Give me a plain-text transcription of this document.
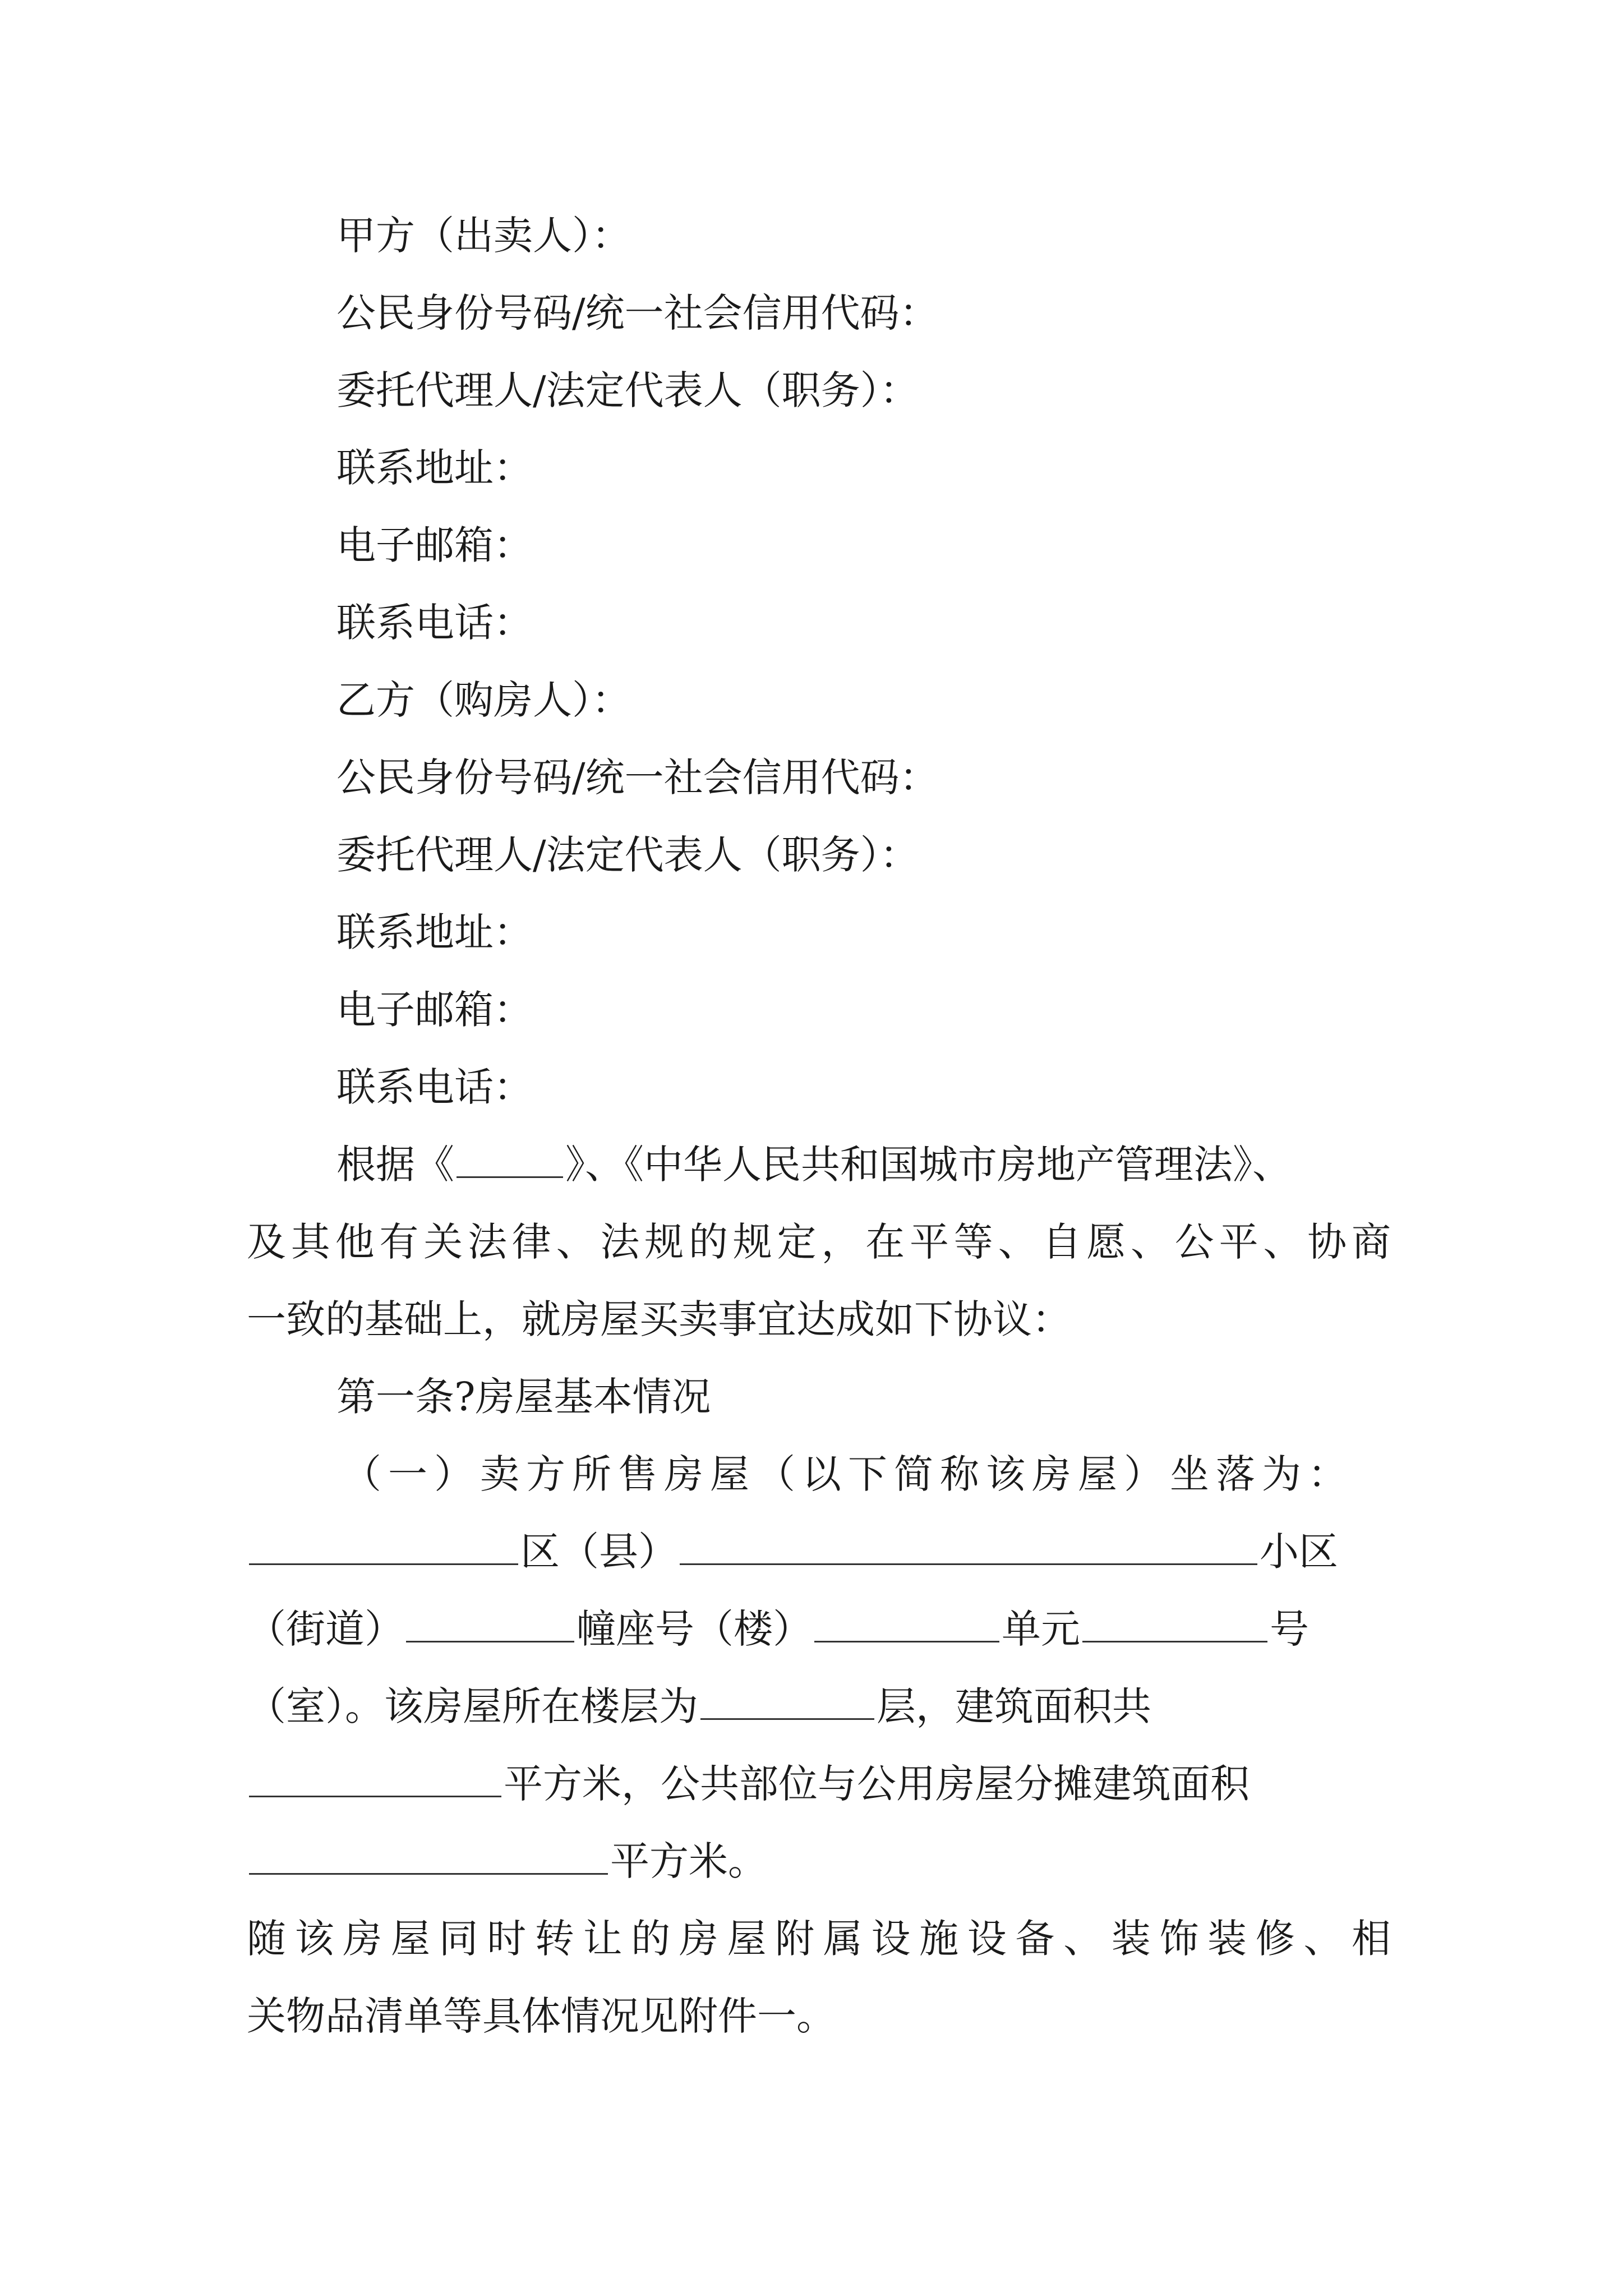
甲方（出卖人）：
公民身份号码/统一社会信用代码：
委托代理人/法定代表人（职务）：
联系地址：
电子邮箱：
联系电话：
乙方（购房人）：
公民身份号码/统一社会信用代码：
委托代理人/法定代表人（职务）：
联系地址：
电子邮箱：
联系电话：
根据《	》、《中华人民共和国城市房地产管理法》、
及其他有关法律、法规的规定，在平等、自愿、公平、协商
一致的基础上，就房屋买卖事宜达成如下协议：
第一条?房屋基本情况
（一）卖方所售房屋（以下简称该房屋）坐落为：
区（县）	小区
（街道）	幢座号（楼）	单元	号
（室）。该房屋所在楼层为	层，建筑面积共
平方米，公共部位与公用房屋分摊建筑面积
平方米。
随该房屋同时转让的房屋附属设施设备、装饰装修、相
关物品清单等具体情况见附件一。
